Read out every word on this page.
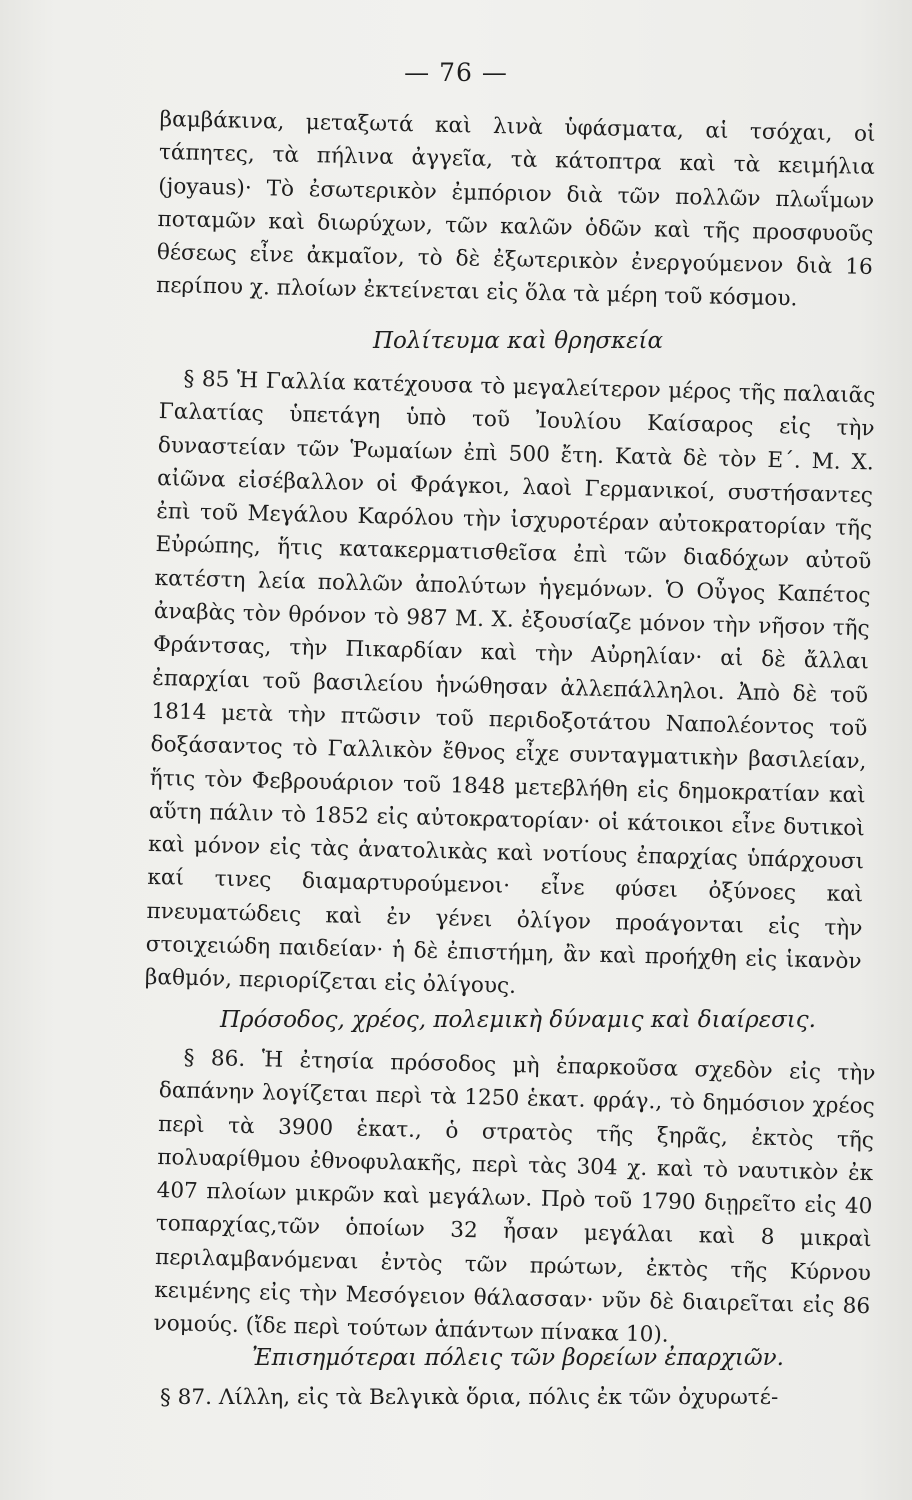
— 76 —

βαμβάκινα, μεταξωτά καὶ λινὰ ὑφάσματα, αἱ τσόχαι, οἱ τάπητες, τὰ πήλινα ἀγγεῖα, τὰ κάτοπτρα καὶ τὰ κειμήλια (joyaus)· Τὸ ἐσωτερικὸν ἐμπόριον διὰ τῶν πολλῶν πλωΐμων ποταμῶν καὶ διωρύχων, τῶν καλῶν ὁδῶν καὶ τῆς προσφυοῦς θέσεως εἶνε ἀκμαῖον, τὸ δὲ ἐξωτερικὸν ἐνεργούμενον διὰ 16 περίπου χ. πλοίων ἐκτείνεται εἰς ὅλα τὰ μέρη τοῦ κόσμου.

Πολίτευμα καὶ θρησκεία

§ 85 Ἡ Γαλλία κατέχουσα τὸ μεγαλείτερον μέρος τῆς παλαιᾶς Γαλατίας ὑπετάγη ὑπὸ τοῦ Ἰουλίου Καίσαρος εἰς τὴν δυναστείαν τῶν Ῥωμαίων ἐπὶ 500 ἔτη. Κατὰ δὲ τὸν Ε΄. Μ. Χ. αἰῶνα εἰσέβαλλον οἱ Φράγκοι, λαοὶ Γερμανικοί, συστήσαντες ἐπὶ τοῦ Μεγάλου Καρόλου τὴν ἰσχυροτέραν αὐτοκρατορίαν τῆς Εὐρώπης, ἥτις κατακερματισθεῖσα ἐπὶ τῶν διαδόχων αὐτοῦ κατέστη λεία πολλῶν ἀπολύτων ἡγεμόνων. Ὁ Οὖγος Καπέτος ἀναβὰς τὸν θρόνον τὸ 987 Μ. Χ. ἐξουσίαζε μόνον τὴν νῆσον τῆς Φράντσας, τὴν Πικαρδίαν καὶ τὴν Αὐρηλίαν· αἱ δὲ ἄλλαι ἐπαρχίαι τοῦ βασιλείου ἡνώθησαν ἀλλεπάλληλοι. Ἀπὸ δὲ τοῦ 1814 μετὰ τὴν πτῶσιν τοῦ περιδοξοτάτου Ναπολέοντος τοῦ δοξάσαντος τὸ Γαλλικὸν ἔθνος εἶχε συνταγματικὴν βασιλείαν, ἥτις τὸν Φεβρουάριον τοῦ 1848 μετεβλήθη εἰς δημοκρατίαν καὶ αὕτη πάλιν τὸ 1852 εἰς αὐτοκρατορίαν· οἱ κάτοικοι εἶνε δυτικοὶ καὶ μόνον εἰς τὰς ἀνατολικὰς καὶ νοτίους ἐπαρχίας ὑπάρχουσι καί τινες διαμαρτυρούμενοι· εἶνε φύσει ὀξύνοες καὶ πνευματώδεις καὶ ἐν γένει ὀλίγον προάγονται εἰς τὴν στοιχειώδη παιδείαν· ἡ δὲ ἐπιστήμη, ἂν καὶ προήχθη εἰς ἱκανὸν βαθμόν, περιορίζεται εἰς ὀλίγους.

Πρόσοδος, χρέος, πολεμικὴ δύναμις καὶ διαίρεσις.

§ 86. Ἡ ἐτησία πρόσοδος μὴ ἐπαρκοῦσα σχεδὸν εἰς τὴν δαπάνην λογίζεται περὶ τὰ 1250 ἑκατ. φράγ., τὸ δημόσιον χρέος περὶ τὰ 3900 ἑκατ., ὁ στρατὸς τῆς ξηρᾶς, ἐκτὸς τῆς πολυαρίθμου ἐθνοφυλακῆς, περὶ τὰς 304 χ. καὶ τὸ ναυτικὸν ἐκ 407 πλοίων μικρῶν καὶ μεγάλων. Πρὸ τοῦ 1790 διῃρεῖτο εἰς 40 τοπαρχίας,τῶν ὁποίων 32 ἦσαν μεγάλαι καὶ 8 μικραὶ περιλαμβανόμεναι ἐντὸς τῶν πρώτων, ἐκτὸς τῆς Κύρνου κειμένης εἰς τὴν Μεσόγειον θάλασσαν· νῦν δὲ διαιρεῖται εἰς 86 νομούς. (ἴδε περὶ τούτων ἁπάντων πίνακα 10).

Ἐπισημότεραι πόλεις τῶν βορείων ἐπαρχιῶν.

§ 87. Λίλλη, εἰς τὰ Βελγικὰ ὅρια, πόλις ἐκ τῶν ὀχυρωτέ-
